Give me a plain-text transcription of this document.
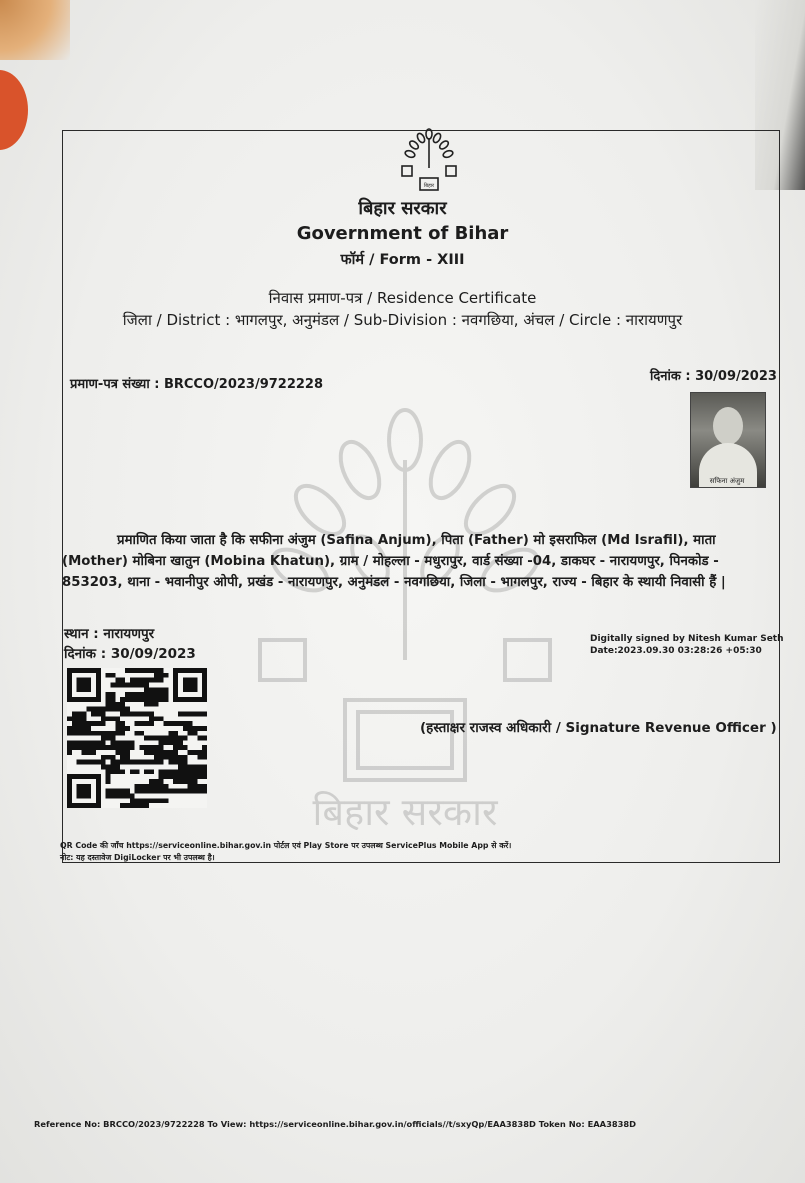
बिहार सरकार
बिहार
बिहार सरकार
Government of Bihar
फॉर्म / Form - XIII
निवास प्रमाण-पत्र / Residence Certificate
जिला / District : भागलपुर, अनुमंडल / Sub-Division : नवगछिया, अंचल / Circle : नारायणपुर
प्रमाण-पत्र संख्या : BRCCO/2023/9722228
दिनांक : 30/09/2023
सफिना अंजुम

प्रमाणित किया जाता है कि सफीना अंजुम (Safina Anjum), पिता (Father) मो इसराफिल (Md Israfil), माता (Mother) मोबिना खातुन (Mobina Khatun), ग्राम / मोहल्ला - मधुरापुर, वार्ड संख्या -04, डाकघर - नारायणपुर, पिनकोड - 853203, थाना - भवानीपुर ओपी, प्रखंड - नारायणपुर, अनुमंडल - नवगछिया, जिला - भागलपुर, राज्य - बिहार के स्थायी निवासी हैं |

स्थान : नारायणपुर
दिनांक : 30/09/2023
Digitally signed by Nitesh Kumar Seth
Date:2023.09.30 03:28:26 +05:30
(हस्ताक्षर राजस्व अधिकारी / Signature Revenue Officer )
QR Code की जाँच https://serviceonline.bihar.gov.in पोर्टल एवं Play Store पर उपलब्ध ServicePlus Mobile App से करें।
नोट: यह दस्तावेज DigiLocker पर भी उपलब्ध है।
Reference No: BRCCO/2023/9722228 To View: https://serviceonline.bihar.gov.in/officials//t/sxyQp/EAA3838D Token No: EAA3838D
